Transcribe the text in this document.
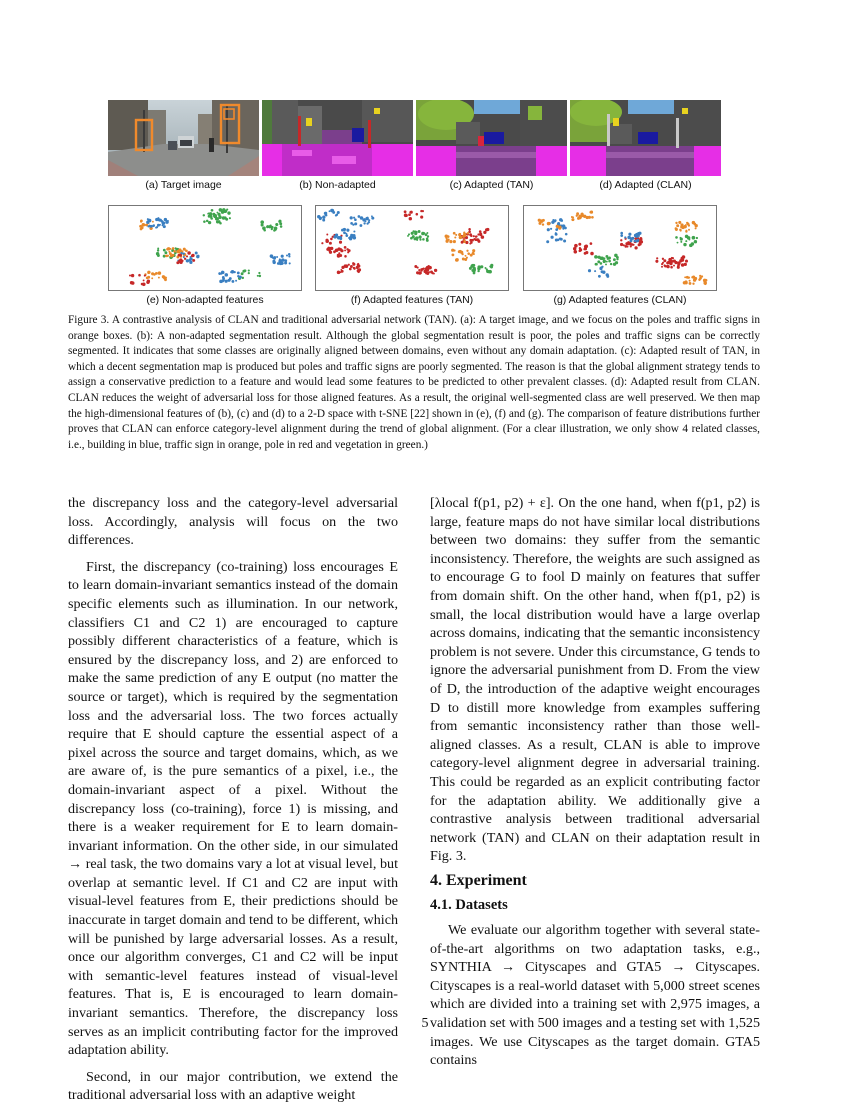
(a) Target image	(b) Non-adapted	(c) Adapted (TAN)	(d) Adapted (CLAN)
(e) Non-adapted features	(f) Adapted features (TAN)	(g) Adapted features (CLAN)

Figure 3. A contrastive analysis of CLAN and traditional adversarial network (TAN). (a): A target image, and we focus on the poles and traffic signs in orange boxes. (b): A non-adapted segmentation result. Although the global segmentation result is poor, the poles and traffic signs can be correctly segmented. It indicates that some classes are originally aligned between domains, even without any domain adaptation. (c): Adapted result of TAN, in which a decent segmentation map is produced but poles and traffic signs are poorly segmented. The reason is that the global alignment strategy tends to assign a conservative prediction to a feature and would lead some features to be predicted to other prevalent classes. (d): Adapted result from CLAN. CLAN reduces the weight of adversarial loss for those aligned features. As a result, the original well-segmented class are well preserved. We then map the high-dimensional features of (b), (c) and (d) to a 2-D space with t-SNE [22] shown in (e), (f) and (g). The comparison of feature distributions further proves that CLAN can enforce category-level alignment during the trend of global alignment. (For a clear illustration, we only show 4 related classes, i.e., building in blue, traffic sign in orange, pole in red and vegetation in green.)

the discrepancy loss and the category-level adversarial loss. Accordingly, analysis will focus on the two differences.

First, the discrepancy (co-training) loss encourages E to learn domain-invariant semantics instead of the domain specific elements such as illumination. In our network, classifiers C1 and C2 1) are encouraged to capture possibly different characteristics of a feature, which is ensured by the discrepancy loss, and 2) are enforced to make the same prediction of any E output (no matter the source or target), which is required by the segmentation loss and the adversarial loss. The two forces actually require that E should capture the essential aspect of a pixel across the source and target domains, which, as we are aware of, is the pure semantics of a pixel, i.e., the domain-invariant aspect of a pixel. Without the discrepancy loss (co-training), force 1) is missing, and there is a weaker requirement for E to learn domain-invariant information. On the other side, in our simulated → real task, the two domains vary a lot at visual level, but overlap at semantic level. If C1 and C2 are input with visual-level features from E, their predictions should be inaccurate in target domain and tend to be different, which will be punished by large adversarial losses. As a result, once our algorithm converges, C1 and C2 will be input with semantic-level features instead of visual-level features. That is, E is encouraged to learn domain-invariant semantics. Therefore, the discrepancy loss serves as an implicit contributing factor for the improved adaptation ability.

Second, in our major contribution, we extend the traditional adversarial loss with an adaptive weight

[λlocal f(p1, p2) + ε]. On the one hand, when f(p1, p2) is large, feature maps do not have similar local distributions between two domains: they suffer from the semantic inconsistency. Therefore, the weights are such assigned as to encourage G to fool D mainly on features that suffer from domain shift. On the other hand, when f(p1, p2) is small, the local distribution would have a large overlap across domains, indicating that the semantic inconsistency problem is not severe. Under this circumstance, G tends to ignore the adversarial punishment from D. From the view of D, the introduction of the adaptive weight encourages D to distill more knowledge from examples suffering from semantic inconsistency rather than those well-aligned classes. As a result, CLAN is able to improve category-level alignment degree in adversarial training. This could be regarded as an explicit contributing factor for the adaptation ability. We additionally give a contrastive analysis between traditional adversarial network (TAN) and CLAN on their adaptation result in Fig. 3.

4. Experiment

4.1. Datasets

We evaluate our algorithm together with several state-of-the-art algorithms on two adaptation tasks, e.g., SYNTHIA → Cityscapes and GTA5 → Cityscapes. Cityscapes is a real-world dataset with 5,000 street scenes which are divided into a training set with 2,975 images, a validation set with 500 images and a testing set with 1,525 images. We use Cityscapes as the target domain. GTA5 contains

5
